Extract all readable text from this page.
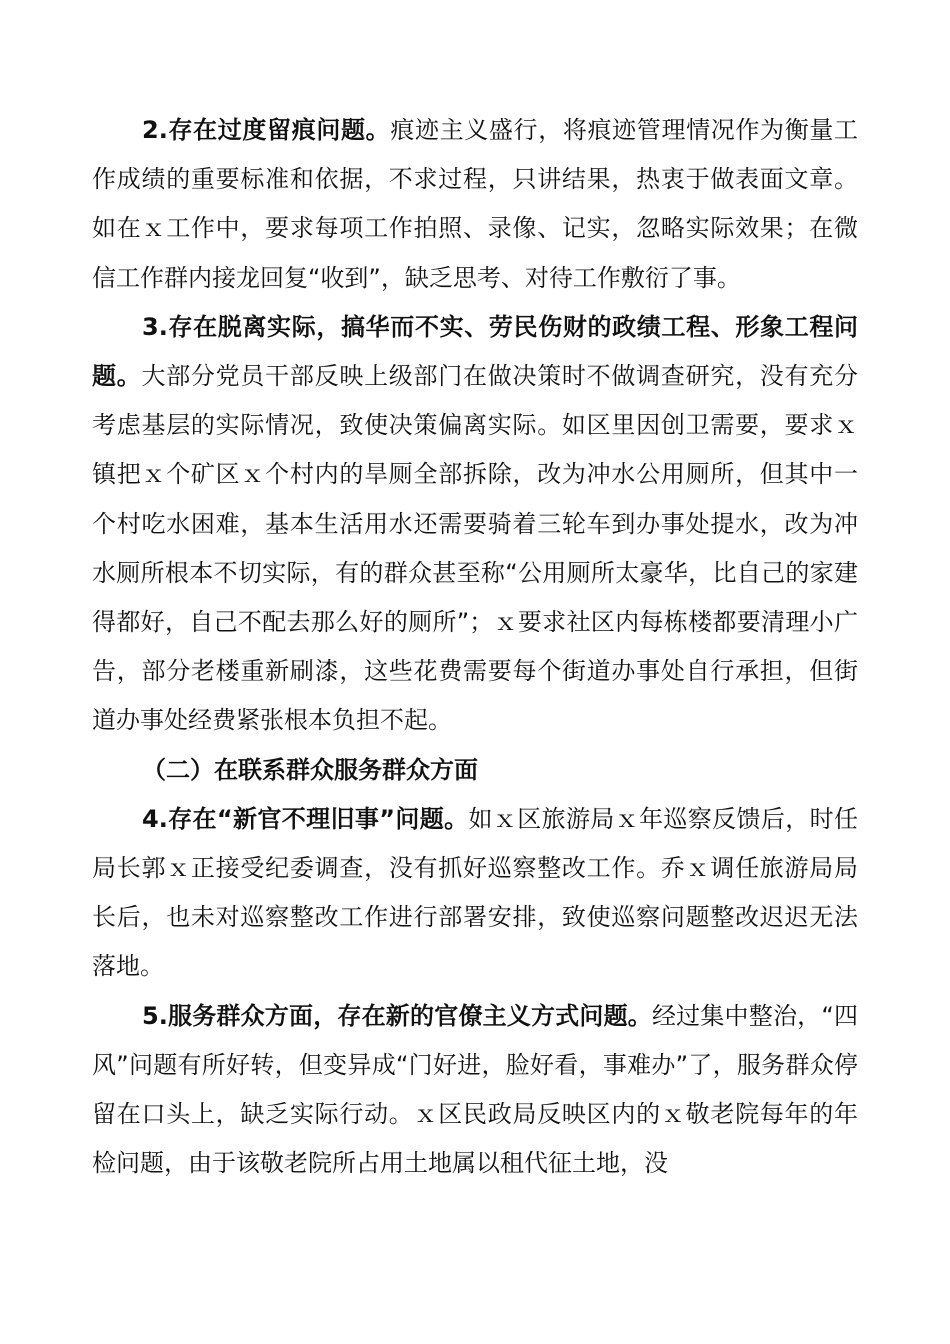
2.存在过度留痕问题。痕迹主义盛行，将痕迹管理情况作为衡量工作成绩的重要标准和依据，不求过程，只讲结果，热衷于做表面文章。如在ｘ工作中，要求每项工作拍照、录像、记实，忽略实际效果；在微信工作群内接龙回复“收到”，缺乏思考、对待工作敷衍了事。

3.存在脱离实际，搞华而不实、劳民伤财的政绩工程、形象工程问题。大部分党员干部反映上级部门在做决策时不做调查研究，没有充分考虑基层的实际情况，致使决策偏离实际。如区里因创卫需要，要求ｘ镇把ｘ个矿区ｘ个村内的旱厕全部拆除，改为冲水公用厕所，但其中一个村吃水困难，基本生活用水还需要骑着三轮车到办事处提水，改为冲水厕所根本不切实际，有的群众甚至称“公用厕所太豪华，比自己的家建得都好，自己不配去那么好的厕所”；ｘ要求社区内每栋楼都要清理小广告，部分老楼重新刷漆，这些花费需要每个街道办事处自行承担，但街道办事处经费紧张根本负担不起。

（二）在联系群众服务群众方面

4.存在“新官不理旧事”问题。如ｘ区旅游局ｘ年巡察反馈后，时任局长郭ｘ正接受纪委调查，没有抓好巡察整改工作。乔ｘ调任旅游局局长后，也未对巡察整改工作进行部署安排，致使巡察问题整改迟迟无法落地。

5.服务群众方面，存在新的官僚主义方式问题。经过集中整治，“四风”问题有所好转，但变异成“门好进，脸好看，事难办”了，服务群众停留在口头上，缺乏实际行动。ｘ区民政局反映区内的ｘ敬老院每年的年检问题，由于该敬老院所占用土地属以租代征土地，没
